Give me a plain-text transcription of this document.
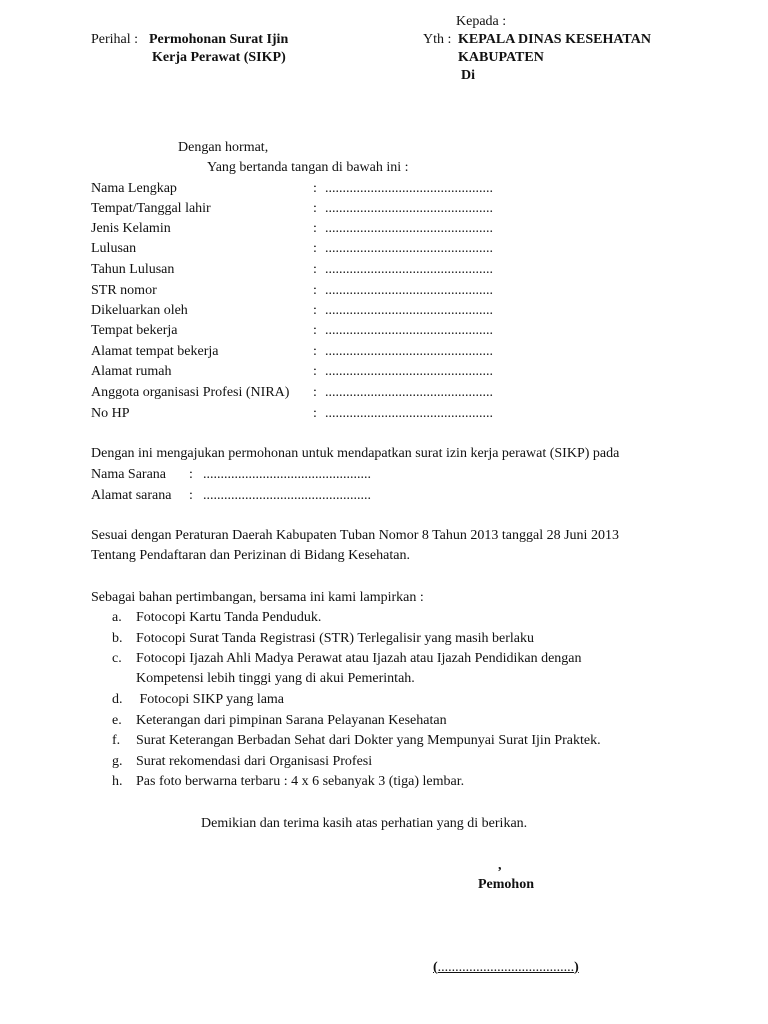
Kepada :
Perihal : Permohonan Surat Ijin
Kerja Perawat (SIKP)
Yth : KEPALA DINAS KESEHATAN
KABUPATEN
Di
Dengan hormat,
Yang bertanda tangan di bawah ini :
Nama Lengkap	: ................................................
Tempat/Tanggal lahir	: ................................................
Jenis Kelamin	: ................................................
Lulusan	: ................................................
Tahun Lulusan	: ................................................
STR nomor	: ................................................
Dikeluarkan oleh	: ................................................
Tempat bekerja	: ................................................
Alamat tempat bekerja	: ................................................
Alamat rumah	: ................................................
Anggota organisasi Profesi (NIRA) : ................................................
No HP	: ................................................
Dengan ini mengajukan permohonan untuk mendapatkan surat izin kerja perawat (SIKP) pada
Nama Sarana : ................................................
Alamat sarana : ................................................
Sesuai dengan Peraturan Daerah Kabupaten Tuban Nomor 8 Tahun 2013 tanggal 28 Juni 2013
Tentang Pendaftaran dan Perizinan di Bidang Kesehatan.
Sebagai bahan pertimbangan, bersama ini kami lampirkan :
a. Fotocopi Kartu Tanda Penduduk.
b. Fotocopi Surat Tanda Registrasi (STR) Terlegalisir yang masih berlaku
c. Fotocopi Ijazah Ahli Madya Perawat atau Ijazah atau Ijazah Pendidikan dengan
Kompetensi lebih tinggi yang di akui Pemerintah.
d. Fotocopi SIKP yang lama
e. Keterangan dari pimpinan Sarana Pelayanan Kesehatan
f. Surat Keterangan Berbadan Sehat dari Dokter yang Mempunyai Surat Ijin Praktek.
g. Surat rekomendasi dari Organisasi Profesi
h. Pas foto berwarna terbaru : 4 x 6 sebanyak 3 (tiga) lembar.
Demikian dan terima kasih atas perhatian yang di berikan.
,
Pemohon
(.......................................)
